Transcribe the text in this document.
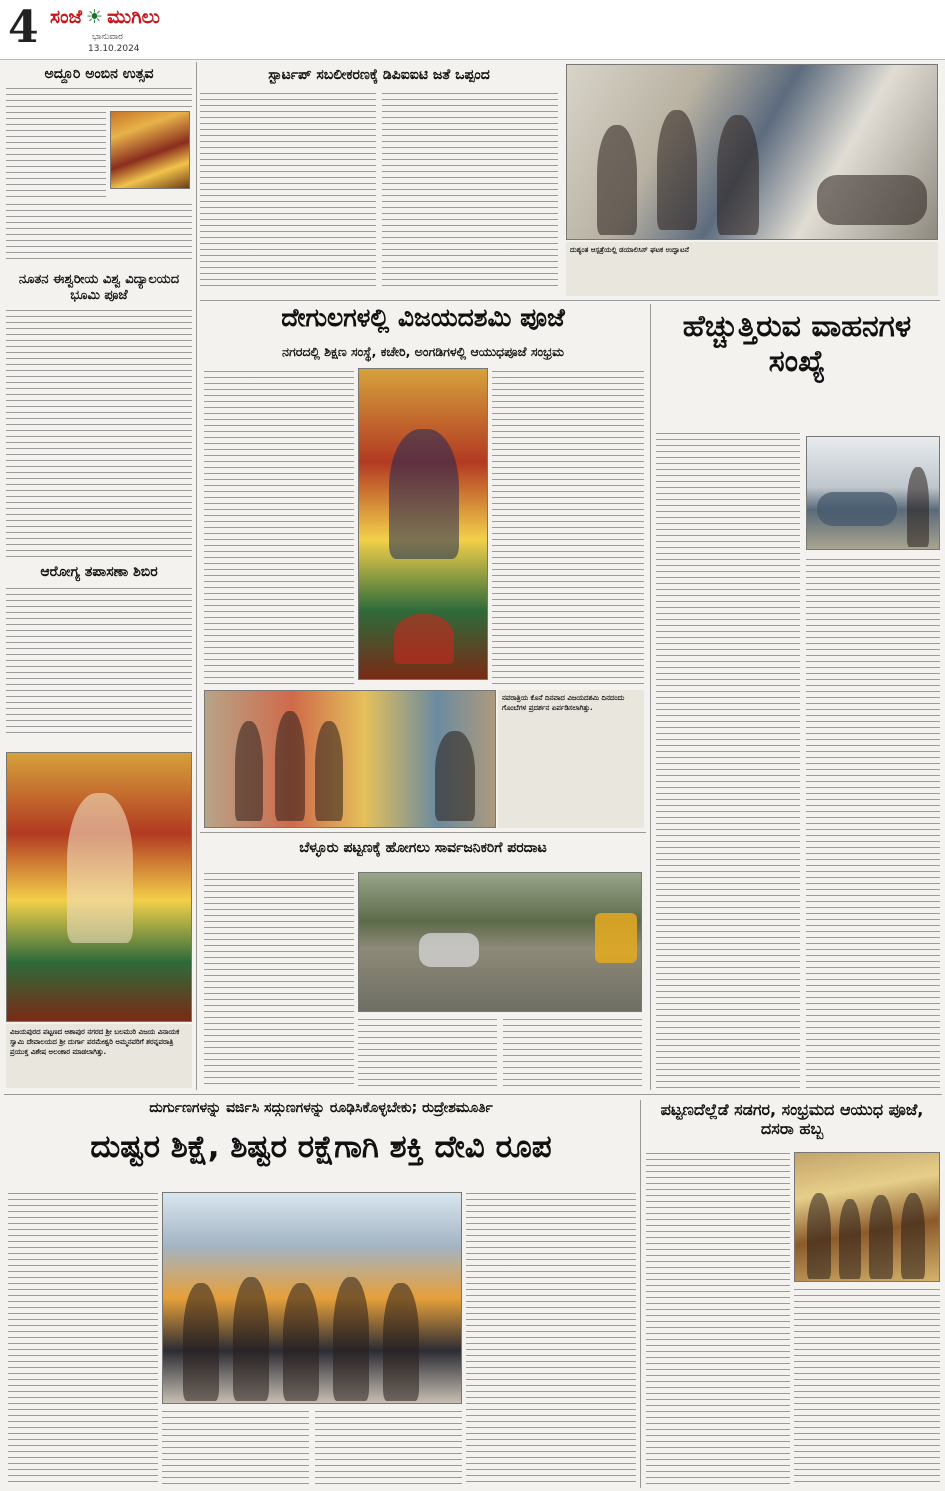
4 ಸಂಜೆ ☀ ಮುಗಿಲು
ಭಾನುವಾರ
13.10.2024
ಅದ್ದೂರಿ ಅಂಬಿನ ಉತ್ಸವ
ನೂತನ ಈಶ್ವರೀಯ ವಿಶ್ವ ವಿದ್ಯಾಲಯದ ಭೂಮಿ ಪೂಜೆ
ಆರೋಗ್ಯ ತಪಾಸಣಾ ಶಿಬಿರ
ವಿಜಯಪುರದ ಪಟ್ಟಣದ ಆಶಾಪುರ ನಗರದ ಶ್ರೀ ಬಲಮುರಿ ವಿಜಯ ವಿನಾಯಕ ಸ್ವಾಮಿ ದೇವಾಲಯದ ಶ್ರೀ ದುರ್ಗಾ ಪರಮೇಶ್ವರಿ ಅಮ್ಮನವರಿಗೆ ಶರನ್ನವರಾತ್ರಿ ಪ್ರಯುಕ್ತ ವಿಶೇಷ ಅಲಂಕಾರ ಮಾಡಲಾಗಿತ್ತು.
ಸ್ಟಾರ್ಟಪ್ ಸಬಲೀಕರಣಕ್ಕೆ ಡಿಪಿಐಐಟಿ ಜತೆ ಒಪ್ಪಂದ
ದುಶ್ಯಂತ ಆಸ್ಪತ್ರೆಯಲ್ಲಿ ಡಯಾಲಿಸಿಸ್ ಘಟಕ ಉದ್ಘಾಟನೆ
ದೇಗುಲಗಳಲ್ಲಿ ವಿಜಯದಶಮಿ ಪೂಜೆ
ನಗರದಲ್ಲಿ ಶಿಕ್ಷಣ ಸಂಸ್ಥೆ, ಕಚೇರಿ, ಅಂಗಡಿಗಳಲ್ಲಿ ಆಯುಧಪೂಜೆ ಸಂಭ್ರಮ
ನವರಾತ್ರಿಯ ಕೊನೆ ದಿನವಾದ ವಿಜಯದಶಮಿ ದಿನದಂದು ಗೊಂಬೆಗಳ ಪ್ರದರ್ಶನ ಏರ್ಪಡಿಸಲಾಗಿತ್ತು.
ಬೆಳ್ಳೂರು ಪಟ್ಟಣಕ್ಕೆ ಹೋಗಲು ಸಾರ್ವಜನಿಕರಿಗೆ ಪರದಾಟ
ಹೆಚ್ಚುತ್ತಿರುವ ವಾಹನಗಳ ಸಂಖ್ಯೆ
ದುರ್ಗುಣಗಳನ್ನು ವರ್ಜಿಸಿ ಸದ್ಗುಣಗಳನ್ನು ರೂಢಿಸಿಕೊಳ್ಳಬೇಕು; ರುದ್ರೇಶಮೂರ್ತಿ
ದುಷ್ಟರ ಶಿಕ್ಷೆ, ಶಿಷ್ಟರ ರಕ್ಷೆಗಾಗಿ ಶಕ್ತಿ ದೇವಿ ರೂಪ
ಪಟ್ಟಣದೆಲ್ಲೆಡೆ ಸಡಗರ, ಸಂಭ್ರಮದ ಆಯುಧ ಪೂಜೆ, ದಸರಾ ಹಬ್ಬ
